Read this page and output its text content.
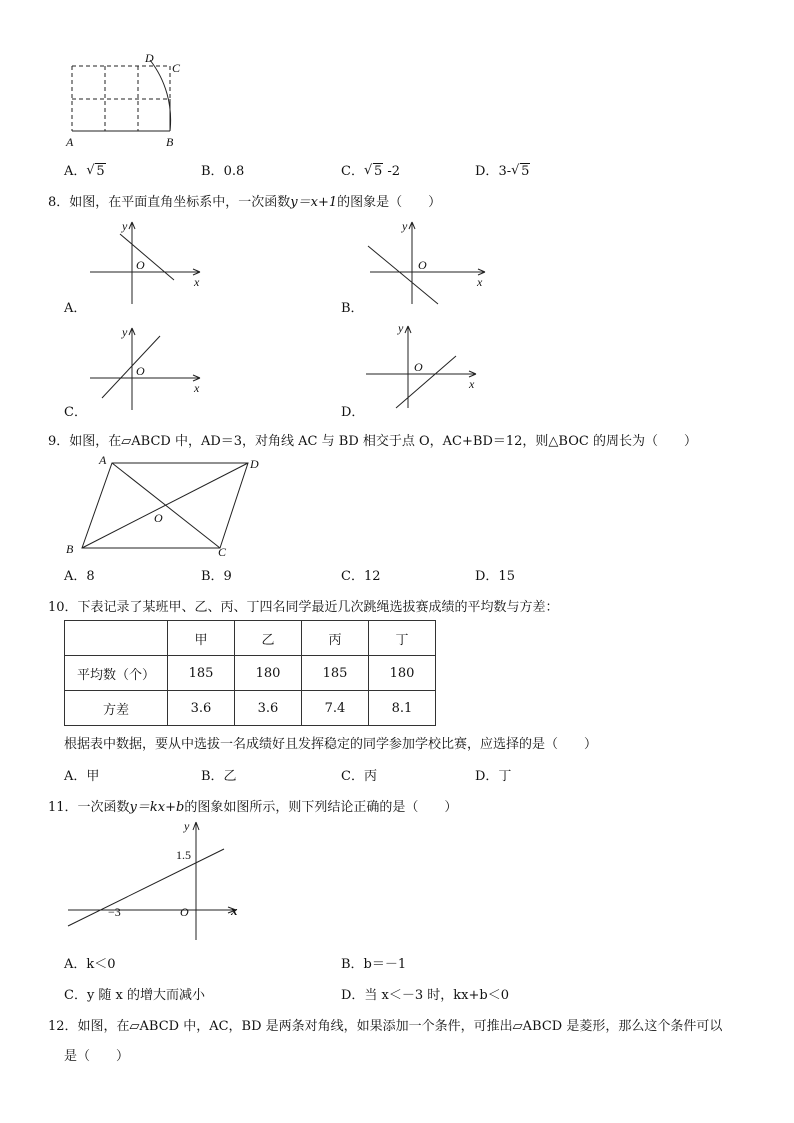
A	B
C
D
A． √ 5	B．0.8	C． √ 5 -2	D．3- √ 5
8．如图，在平面直角坐标系中，一次函数y＝x+1的图象是（　　）
y
x
O
A．
y
x
O
B．
y
x
O
C．
y
x
O
D．
9．如图，在▱ABCD 中，AD＝3，对角线 AC 与 BD 相交于点 O，AC+BD＝12，则△BOC 的周长为（　　）
A	D
B	C
O
A．8	B．9	C．12	D．15
10．下表记录了某班甲、乙、丙、丁四名同学最近几次跳绳选拔赛成绩的平均数与方差：
	甲	乙	丙	丁
平均数（个）	185	180	185	180
方差	3.6	3.6	7.4	8.1
根据表中数据，要从中选拔一名成绩好且发挥稳定的同学参加学校比赛，应选择的是（　　）
A．甲	B．乙	C．丙	D．丁
11．一次函数y＝kx+b的图象如图所示，则下列结论正确的是（　　）
y
x
O
1.5
−3
A．k＜0	B．b＝－1
C．y 随 x 的增大而减小	D．当 x＜－3 时，kx+b＜0
12．如图，在▱ABCD 中，AC，BD 是两条对角线，如果添加一个条件，可推出▱ABCD 是菱形，那么这个条件可以
是（　　）
